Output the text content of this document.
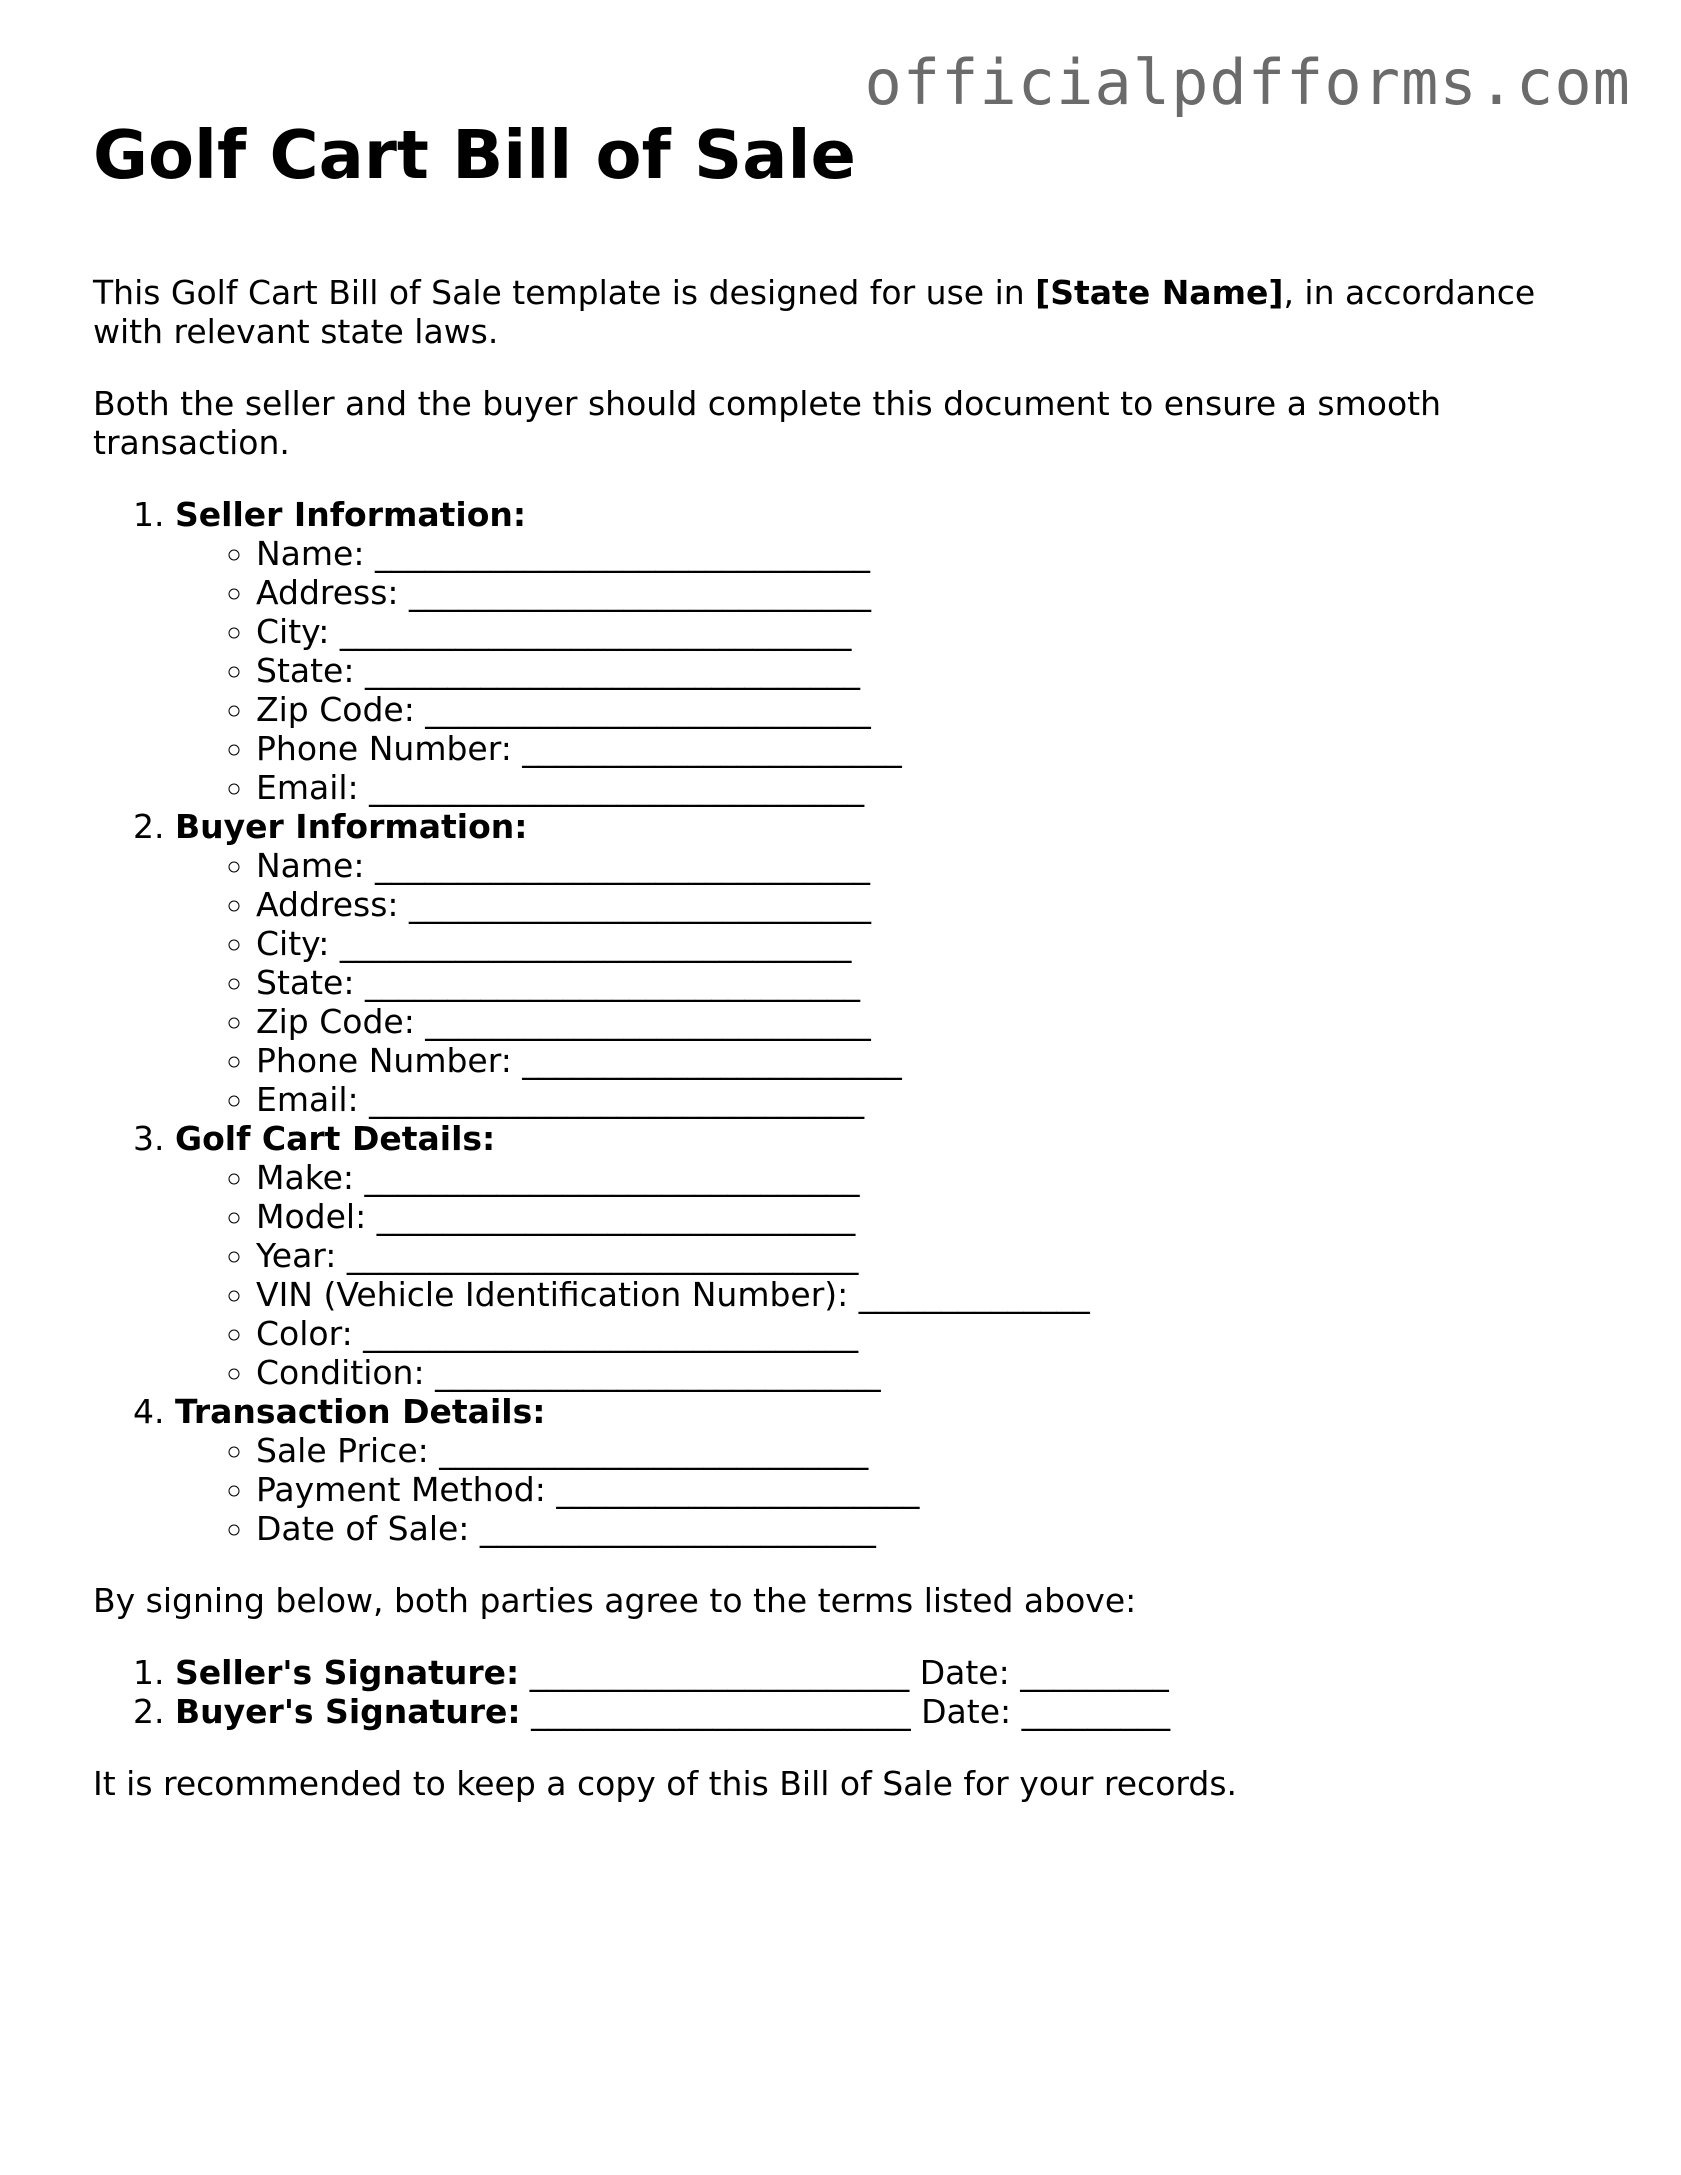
officialpdfforms.com
Golf Cart Bill of Sale

This Golf Cart Bill of Sale template is designed for use in [State Name], in accordance with relevant state laws.

Both the seller and the buyer should complete this document to ensure a smooth transaction.

1. Seller Information:
◦ Name: ______________________________
◦ Address: ____________________________
◦ City: _______________________________
◦ State: ______________________________
◦ Zip Code: ___________________________
◦ Phone Number: _______________________
◦ Email: ______________________________
2. Buyer Information:
◦ Name: ______________________________
◦ Address: ____________________________
◦ City: _______________________________
◦ State: ______________________________
◦ Zip Code: ___________________________
◦ Phone Number: _______________________
◦ Email: ______________________________
3. Golf Cart Details:
◦ Make: ______________________________
◦ Model: _____________________________
◦ Year: _______________________________
◦ VIN (Vehicle Identification Number): ______________
◦ Color: ______________________________
◦ Condition: ___________________________
4. Transaction Details:
◦ Sale Price: __________________________
◦ Payment Method: ______________________
◦ Date of Sale: ________________________

By signing below, both parties agree to the terms listed above:

1. Seller's Signature: _______________________ Date: _________
2. Buyer's Signature: _______________________ Date: _________

It is recommended to keep a copy of this Bill of Sale for your records.
